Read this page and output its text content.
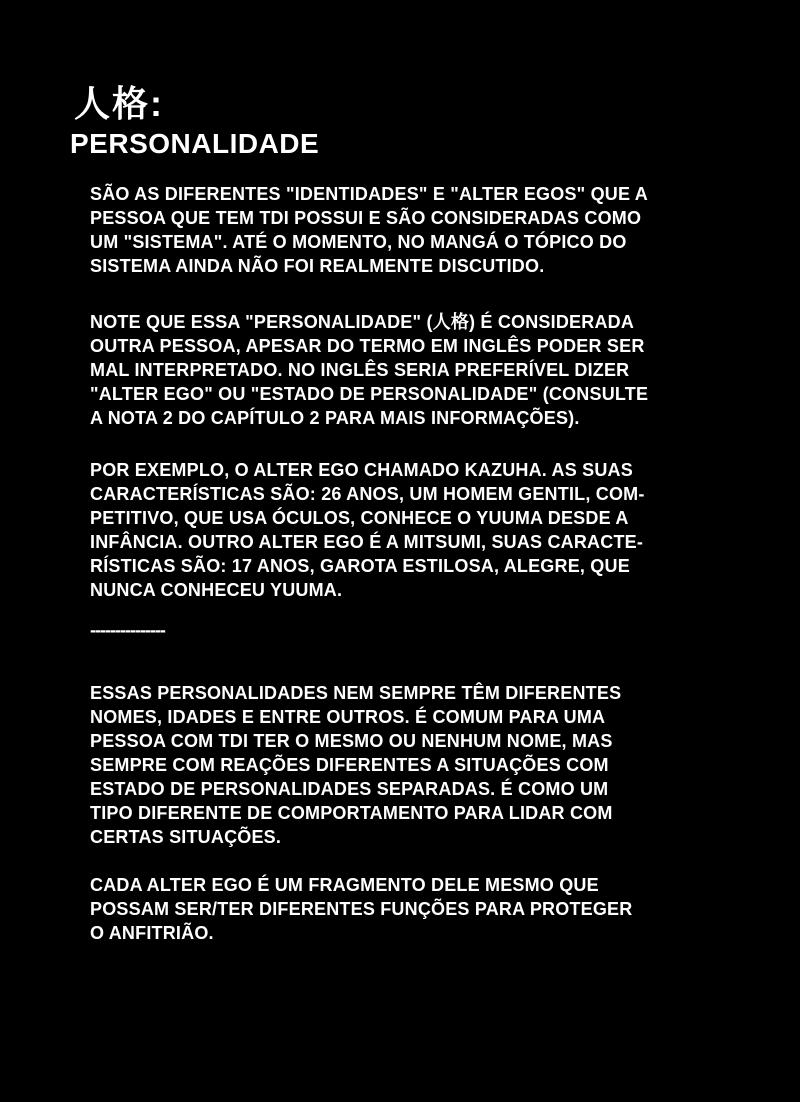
人格:
PERSONALIDADE
SÃO AS DIFERENTES "IDENTIDADES" E "ALTER EGOS" QUE A
PESSOA QUE TEM TDI POSSUI E SÃO CONSIDERADAS COMO
UM "SISTEMA". ATÉ O MOMENTO, NO MANGÁ O TÓPICO DO
SISTEMA AINDA NÃO FOI REALMENTE DISCUTIDO.
NOTE QUE ESSA "PERSONALIDADE" (人格) É CONSIDERADA
OUTRA PESSOA, APESAR DO TERMO EM INGLÊS PODER SER
MAL INTERPRETADO. NO INGLÊS SERIA PREFERÍVEL DIZER
"ALTER EGO" OU "ESTADO DE PERSONALIDADE" (CONSULTE
A NOTA 2 DO CAPÍTULO 2 PARA MAIS INFORMAÇÕES).
POR EXEMPLO, O ALTER EGO CHAMADO KAZUHA. AS SUAS
CARACTERÍSTICAS SÃO: 26 ANOS, UM HOMEM GENTIL, COM-
PETITIVO, QUE USA ÓCULOS, CONHECE O YUUMA DESDE A
INFÂNCIA. OUTRO ALTER EGO É A MITSUMI, SUAS CARACTE-
RÍSTICAS SÃO: 17 ANOS, GAROTA ESTILOSA, ALEGRE, QUE
NUNCA CONHECEU YUUMA.
---------------
ESSAS PERSONALIDADES NEM SEMPRE TÊM DIFERENTES
NOMES, IDADES E ENTRE OUTROS. É COMUM PARA UMA
PESSOA COM TDI TER O MESMO OU NENHUM NOME, MAS
SEMPRE COM REAÇÕES DIFERENTES A SITUAÇÕES COM
ESTADO DE PERSONALIDADES SEPARADAS. É COMO UM
TIPO DIFERENTE DE COMPORTAMENTO PARA LIDAR COM
CERTAS SITUAÇÕES.
CADA ALTER EGO É UM FRAGMENTO DELE MESMO QUE
POSSAM SER/TER DIFERENTES FUNÇÕES PARA PROTEGER
O ANFITRIÃO.
